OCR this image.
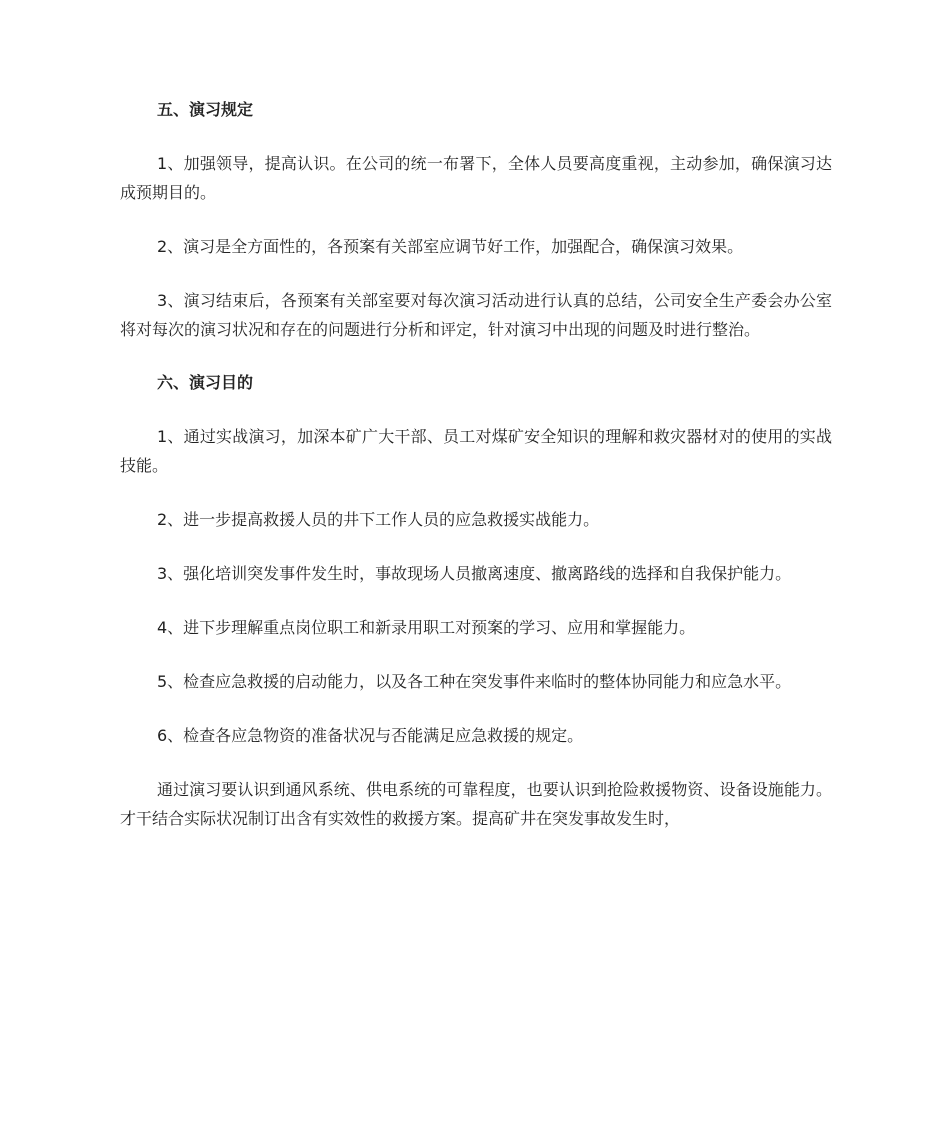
五、演习规定
1、加强领导，提高认识。在公司的统一布署下，全体人员要高度重视，主动参加，确保演习达成预期目的。
2、演习是全方面性的，各预案有关部室应调节好工作，加强配合，确保演习效果。
3、演习结束后，各预案有关部室要对每次演习活动进行认真的总结，公司安全生产委会办公室将对每次的演习状况和存在的问题进行分析和评定，针对演习中出现的问题及时进行整治。
六、演习目的
1、通过实战演习，加深本矿广大干部、员工对煤矿安全知识的理解和救灾器材对的使用的实战技能。
2、进一步提高救援人员的井下工作人员的应急救援实战能力。
3、强化培训突发事件发生时，事故现场人员撤离速度、撤离路线的选择和自我保护能力。
4、进下步理解重点岗位职工和新录用职工对预案的学习、应用和掌握能力。
5、检查应急救援的启动能力，以及各工种在突发事件来临时的整体协同能力和应急水平。
6、检查各应急物资的准备状况与否能满足应急救援的规定。
通过演习要认识到通风系统、供电系统的可靠程度，也要认识到抢险救援物资、设备设施能力。才干结合实际状况制订出含有实效性的救援方案。提高矿井在突发事故发生时，
